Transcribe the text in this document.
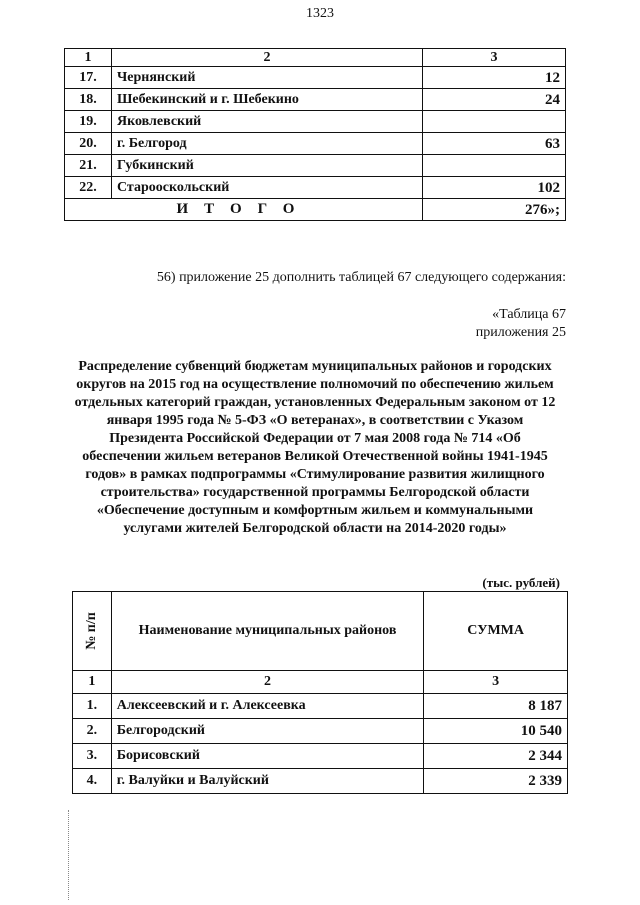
1323
1	2	3
17.	Чернянский	12
18.	Шебекинский и г. Шебекино	24
19.	Яковлевский	
20.	г. Белгород	63
21.	Губкинский	
22.	Старооскольский	102
ИТОГО		276»;
56) приложение 25 дополнить таблицей 67 следующего содержания:
«Таблица 67
приложения 25
Распределение субвенций бюджетам муниципальных районов и городских округов на 2015 год на осуществление полномочий по обеспечению жильем отдельных категорий граждан, установленных Федеральным законом от 12 января 1995 года № 5-ФЗ «О ветеранах», в соответствии с Указом Президента Российской Федерации от 7 мая 2008 года № 714 «Об обеспечении жильем ветеранов Великой Отечественной войны 1941-1945 годов» в рамках подпрограммы «Стимулирование развития жилищного строительства» государственной программы Белгородской области «Обеспечение доступным и комфортным жильем и коммунальными услугами жителей Белгородской области на 2014-2020 годы»
(тыс. рублей)
№ п/п	Наименование муниципальных районов	СУММА
1	2	3
1.	Алексеевский и г. Алексеевка	8 187
2.	Белгородский	10 540
3.	Борисовский	2 344
4.	г. Валуйки и Валуйский	2 339
